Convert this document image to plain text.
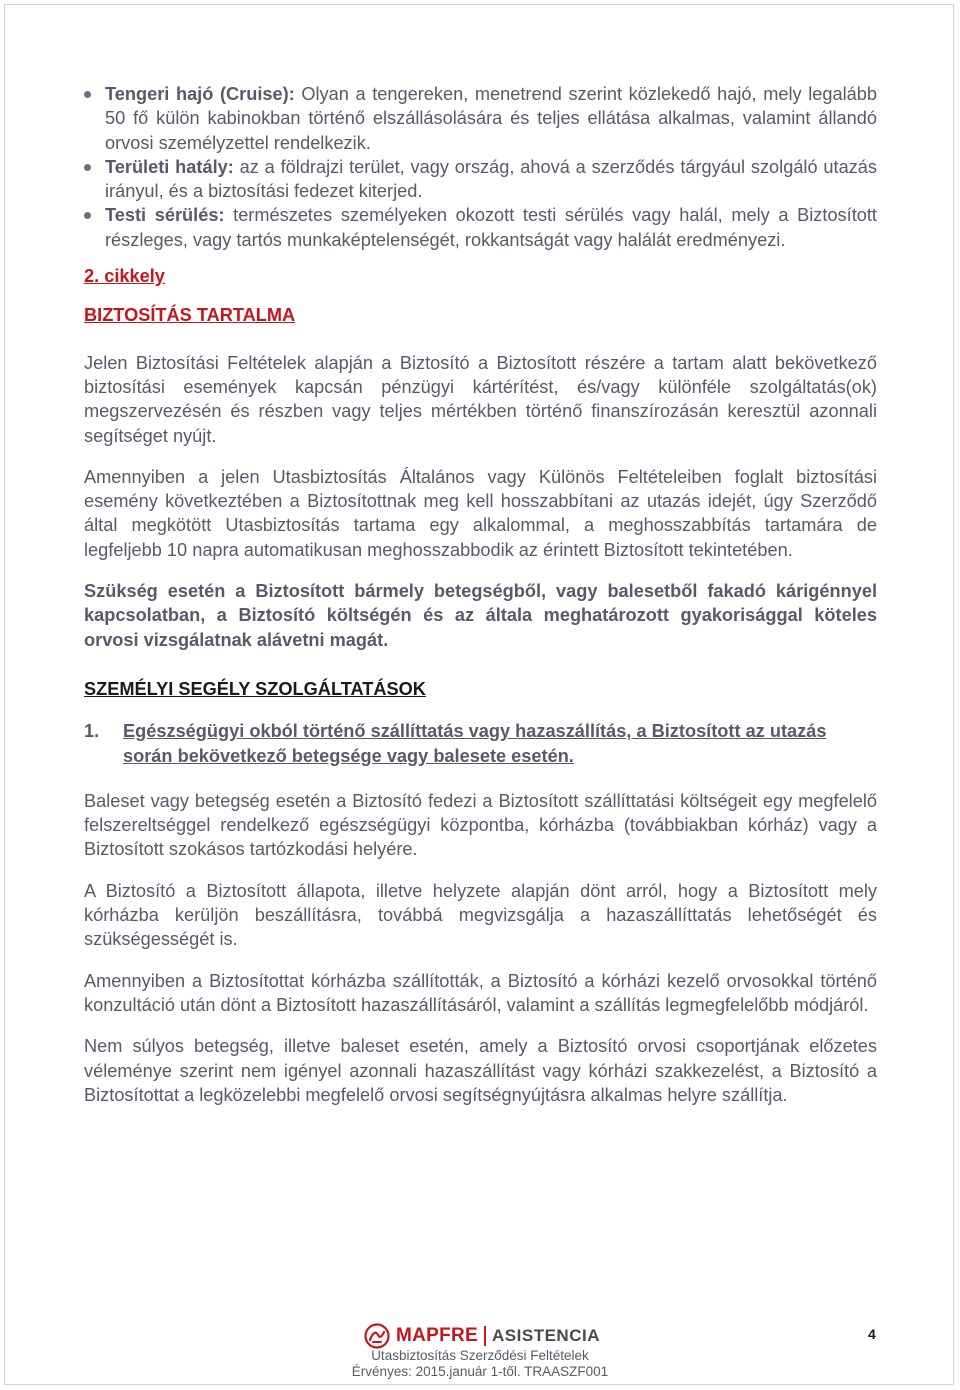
Tengeri hajó (Cruise): Olyan a tengereken, menetrend szerint közlekedő hajó, mely legalább 50 fő külön kabinokban történő elszállásolására és teljes ellátása alkalmas, valamint állandó orvosi személyzettel rendelkezik.
Területi hatály: az a földrajzi terület, vagy ország, ahová a szerződés tárgyául szolgáló utazás irányul, és a biztosítási fedezet kiterjed.
Testi sérülés: természetes személyeken okozott testi sérülés vagy halál, mely a Biztosított részleges, vagy tartós munkaképtelenségét, rokkantságát vagy halálát eredményezi.
2. cikkely
BIZTOSÍTÁS TARTALMA

Jelen Biztosítási Feltételek alapján a Biztosító a Biztosított részére a tartam alatt bekövetkező biztosítási események kapcsán pénzügyi kártérítést, és/vagy különféle szolgáltatás(ok) megszervezésén és részben vagy teljes mértékben történő finanszírozásán keresztül azonnali segítséget nyújt.

Amennyiben a jelen Utasbiztosítás Általános vagy Különös Feltételeiben foglalt biztosítási esemény következtében a Biztosítottnak meg kell hosszabbítani az utazás idejét, úgy Szerződő által megkötött Utasbiztosítás tartama egy alkalommal, a meghosszabbítás tartamára de legfeljebb 10 napra automatikusan meghosszabbodik az érintett Biztosított tekintetében.

Szükség esetén a Biztosított bármely betegségből, vagy balesetből fakadó kárigénnyel kapcsolatban, a Biztosító költségén és az általa meghatározott gyakorisággal köteles orvosi vizsgálatnak alávetni magát.

SZEMÉLYI SEGÉLY SZOLGÁLTATÁSOK
1.	Egészségügyi okból történő szállíttatás vagy hazaszállítás, a Biztosított az utazás során bekövetkező betegsége vagy balesete esetén.

Baleset vagy betegség esetén a Biztosító fedezi a Biztosított szállíttatási költségeit egy megfelelő felszereltséggel rendelkező egészségügyi központba, kórházba (továbbiakban kórház) vagy a Biztosított szokásos tartózkodási helyére.

A Biztosító a Biztosított állapota, illetve helyzete alapján dönt arról, hogy a Biztosított mely kórházba kerüljön beszállításra, továbbá megvizsgálja a hazaszállíttatás lehetőségét és szükségességét is.

Amennyiben a Biztosítottat kórházba szállították, a Biztosító a kórházi kezelő orvosokkal történő konzultáció után dönt a Biztosított hazaszállításáról, valamint a szállítás legmegfelelőbb módjáról.

Nem súlyos betegség, illetve baleset esetén, amely a Biztosító orvosi csoportjának előzetes véleménye szerint nem igényel azonnali hazaszállítást vagy kórházi szakkezelést, a Biztosító a Biztosítottat a legközelebbi megfelelő orvosi segítségnyújtásra alkalmas helyre szállítja.

MAPFRE ASISTENCIA
Utasbiztosítás Szerződési Feltételek
Érvényes: 2015.január 1-től. TRAASZF001
4
